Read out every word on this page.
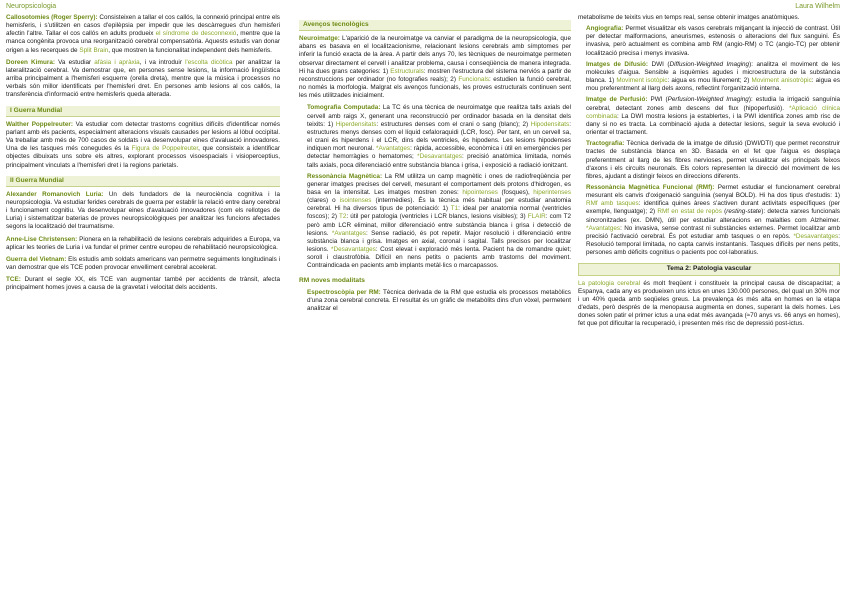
Neuropsicologia	Laura Wilhelm

Callosotomies (Roger Sperry): Consisteixen a tallar el cos callós, la connexió principal entre els hemisferis, i s'utilitzen en casos d'epilèpsia per impedir que les descàrregues d'un hemisferi afectin l'altre. Tallar el cos callós en adults produeix el síndrome de desconnexió, mentre que la manca congènita provoca una reorganització cerebral compensatòria. Aquests estudis van donar origen a les recerques de Split Brain, que mostren la funcionalitat independent dels hemisferis.

Doreen Kimura: Va estudiar afàsia i apràxia, i va introduir l'escolta dicòtica per analitzar la lateralització cerebral. Va demostrar que, en persones sense lesions, la informació lingüística arriba principalment a l'hemisferi esquerre (orella dreta), mentre que la música i processos no verbals són millor identificats per l'hemisferi dret. En persones amb lesions al cos callós, la transferència d'informació entre hemisferis queda alterada.

I Guerra Mundial

Walther Poppelreuter: Va estudiar com detectar trastorns cognitius difícils d'identificar només parlant amb els pacients, especialment alteracions visuals causades per lesions al lòbul occipital. Va treballar amb més de 700 casos de soldats i va desenvolupar eines d'avaluació innovadores. Una de les tasques més conegudes és la Figura de Poppelreuter, que consisteix a identificar objectes dibuixats uns sobre els altres, explorant processos visoespacials i visioperceptius, principalment vinculats a l'hemisferi dret i la regions parietals.

II Guerra Mundial

Alexander Romanovich Luria: Un dels fundadors de la neurociència cognitiva i la neuropsicologia. Va estudiar ferides cerebrals de guerra per establir la relació entre dany cerebral i funcionament cognitiu. Va desenvolupar eines d'avaluació innovadores (com els rellotges de Luria) i sistematitzar baterias de proves neuropsicològiques per analitzar les funcions afectades segons la localització del traumatisme.

Anne-Lise Christensen: Pionera en la rehabilitació de lesions cerebrals adquirides a Europa, va aplicar les teories de Luria i va fundar el primer centre europeu de rehabilitació neuropsicològica.

Guerra del Vietnam: Els estudis amb soldats americans van permetre seguiments longitudinals i van demostrar que els TCE poden provocar envelliment cerebral accelerat.

TCE: Durant el segle XX, els TCE van augmentar també per accidents de trànsit, afecta principalment homes joves a causa de la gravetat i velocitat dels accidents.

Avenços tecnològics

Neuroimatge: L'aparició de la neuroimatge va canviar el paradigma de la neuropsicologia, que abans es basava en el localitzacionisme, relacionant lesions cerebrals amb símptomes per inferir la funció exacta de la àrea. A partir dels anys 70, les tècniques de neuroimatge permeten observar directament el cervell i analitzar problema, causa i conseqüència de manera integrada. Hi ha dues grans categories: 1) Estructurals: mostren l'estructura del sistema nerviós a partir de reconstruccions per ordinador (no fotografies reals); 2) Funcionals: estudien la funció cerebral, no només la morfologia. Malgrat els avenços funcionals, les proves estructurals continuen sent les més utilitzades inicialment.

• Tomografia Computada: La TC és una tècnica de neuroimatge que realitza talls axials del cervell amb raigs X, generant una reconstrucció per ordinador basada en la densitat dels teixits: 1) Hiperdensitats: estructures denses com el crani o sang (blanc); 2) Hipodensitats: estructures menys denses com el líquid cefaloraquidi (LCR, fosc). Per tant, en un cervell sa, el crani és hiperdens i el LCR, dins dels ventricles, és hipodens. Les lesions hipodenses indiquen mort neuronal. *Avantatges: ràpida, accessible, econòmica i útil en emergències per detectar hemorràgies o hematomes; *Desavantatges: precisió anatòmica limitada, només talls axials, poca diferenciació entre substància blanca i grisa, i exposició a radiació ionitzant.
• Ressonància Magnètica: La RM utilitza un camp magnètic i ones de radiofreqüència per generar imatges precises del cervell, mesurant el comportament dels protons d'hidrogen, es basa en la intensitat. Les imatges mostren zones: hipointenses (fosques), hiperintenses (clares) o isointenses (intermèdies). És la tècnica més habitual per estudiar anatomia cerebral. Hi ha diversos tipus de potenciació: 1) T1: ideal per anatomia normal (ventricles foscos); 2) T2: útil per patologia (ventricles i LCR blancs, lesions visibles); 3) FLAIR: com T2 però amb LCR eliminat, millor diferenciació entre substància blanca i grisa i detecció de lesions. *Avantatges: Sense radiació, és pot repetir. Major resolució i diferenciació entre substància blanca i grisa. Imatges en axial, coronal i sagital. Talls precisos per localitzar lesions. *Desavantatges: Cost elevat i exploració més lenta. Pacient ha de romandre quiet; soroll i claustrofòbia. Difícil en nens petits o pacients amb trastorns del moviment. Contraindicada en pacients amb implants metàl·lics o marcapassos.
RM noves modalitats
• Espectroscòpia per RM: Tècnica derivada de la RM que estudia els processos metabòlics d'una zona cerebral concreta. El resultat és un gràfic de metabòlits dins d'un vòxel, permetent analitzar el
metabolisme de teixits vius en temps real, sense obtenir imatges anatòmiques.
• Angiografia: Permet visualitzar els vasos cerebrals mitjançant la injecció de contrast. Útil per detectar malformacions, aneurismes, estenosis o alteracions del flux sanguini. És invasiva, però actualment es combina amb RM (angio-RM) o TC (angio-TC) per obtenir localització precisa i menys invasiva.
• Imatges de Difusió: DWI (Diffusion-Weighted Imaging): analitza el moviment de les molècules d'aigua. Sensible a isquèmies agudes i microestructura de la substància blanca. 1) Moviment isotòpic: aigua es mou lliurement; 2) Moviment anisotròpic: aigua es mou preferentment al llarg dels axons, reflectint l'organització interna.
• Imatge de Perfusió: PWI (Perfusion-Weighted Imaging): estudia la irrigació sanguínia cerebral, detectant zones amb descens del flux (hipoperfusió). *Aplicació clínica combinada: La DWI mostra lesions ja establertes, i la PWI identifica zones amb risc de dany si no es tracta. La combinació ajuda a detectar lesions, seguir la seva evolució i orientar el tractament.
• Tractografia: Tècnica derivada de la imatge de difusió (DWI/DTI) que permet reconstruir tractes de substància blanca en 3D. Basada en el fet que l'aigua es desplaça preferentment al llarg de les fibres nervioses, permet visualitzar els principals feixos d'axons i els circuits neuronals. Els colors representen la direcció del moviment de les fibres, ajudant a distingir feixos en direccions diferents.
• Ressonància Magnètica Funcional (RMf): Permet estudiar el funcionament cerebral mesurant els canvis d'oxigenació sanguínia (senyal BOLD). Hi ha dos tipus d'estudis: 1) RMf amb tasques: identifica quines àrees s'activen durant activitats específiques (per exemple, llenguatge); 2) RMf en estat de repòs (resting-state): detecta xarxes funcionals sincronitzades (ex. DMN), útil per estudiar alteracions en malalties com Alzheimer. *Avantatges: No invasiva, sense contrast ni substàncies externes. Permet localitzar amb precisió l'activació cerebral. És pot estudiar amb tasques o en repòs. *Desavantatges: Resolució temporal limitada, no capta canvis instantanis. Tasques difícils per nens petits, persones amb dèficits cognitius o pacients poc col·laboratius.
Tema 2: Patologia vascular

La patologia cerebral és molt freqüent i constitueix la principal causa de discapacitat; a Espanya, cada any es produeixen uns ictus en unes 130.000 persones, del qual un 30% mor i un 40% queda amb seqüeles greus. La prevalença és més alta en homes en la etapa d'edats, però després de la menopausa augmenta en dones, superant la dels homes. Les dones solen patir el primer ictus a una edat més avançada (≈70 anys vs. 66 anys en homes), fet que pot dificultar la recuperació, i presenten més risc de depressió post-ictus.
